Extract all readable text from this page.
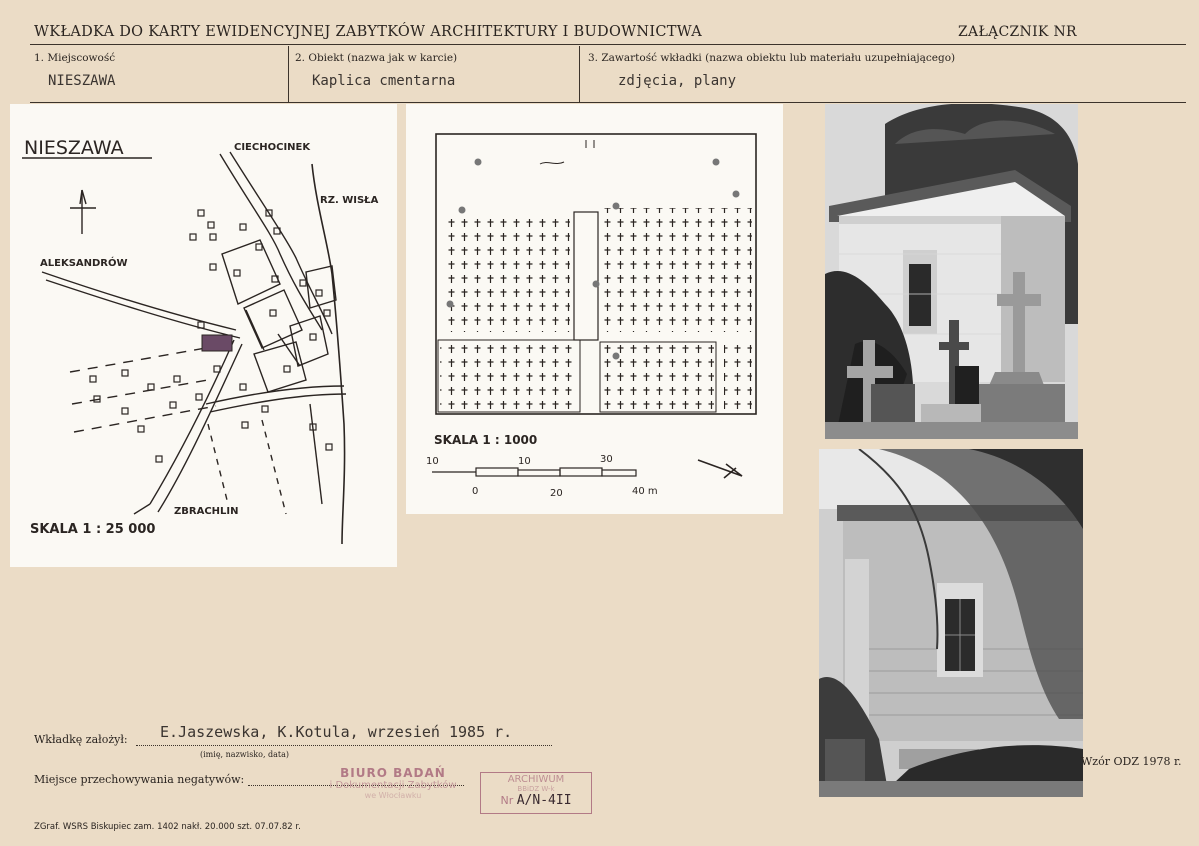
WKŁADKA DO KARTY EWIDENCYJNEJ ZABYTKÓW ARCHITEKTURY I BUDOWNICTWA	ZAŁĄCZNIK NR
1. Miejscowość
NIESZAWA
2. Obiekt (nazwa jak w karcie)
Kaplica cmentarna
3. Zawartość wkładki (nazwa obiektu lub materiału uzupełniającego)
zdjęcia, plany
NIESZAWA	CIECHOCINEK
RZ. WISŁA
ALEKSANDRÓW
ZBRACHLIN
SKALA 1 : 25 000
SKALA 1 : 1000
10	10	30
0	20	40 m
Wkładkę założył: E.Jaszewska, K.Kotula, wrzesień 1985 r.
(imię, nazwisko, data)
Miejsce przechowywania negatywów:	BIURO BADAŃ
i Dokumentacji Zabytków
we Włocławku
ARCHIWUM
BBiDZ W-k
Nr A/N-4II
Wzór ODZ 1978 r.
ZGraf. WSRS Biskupiec zam. 1402 nakł. 20.000 szt. 07.07.82 r.
